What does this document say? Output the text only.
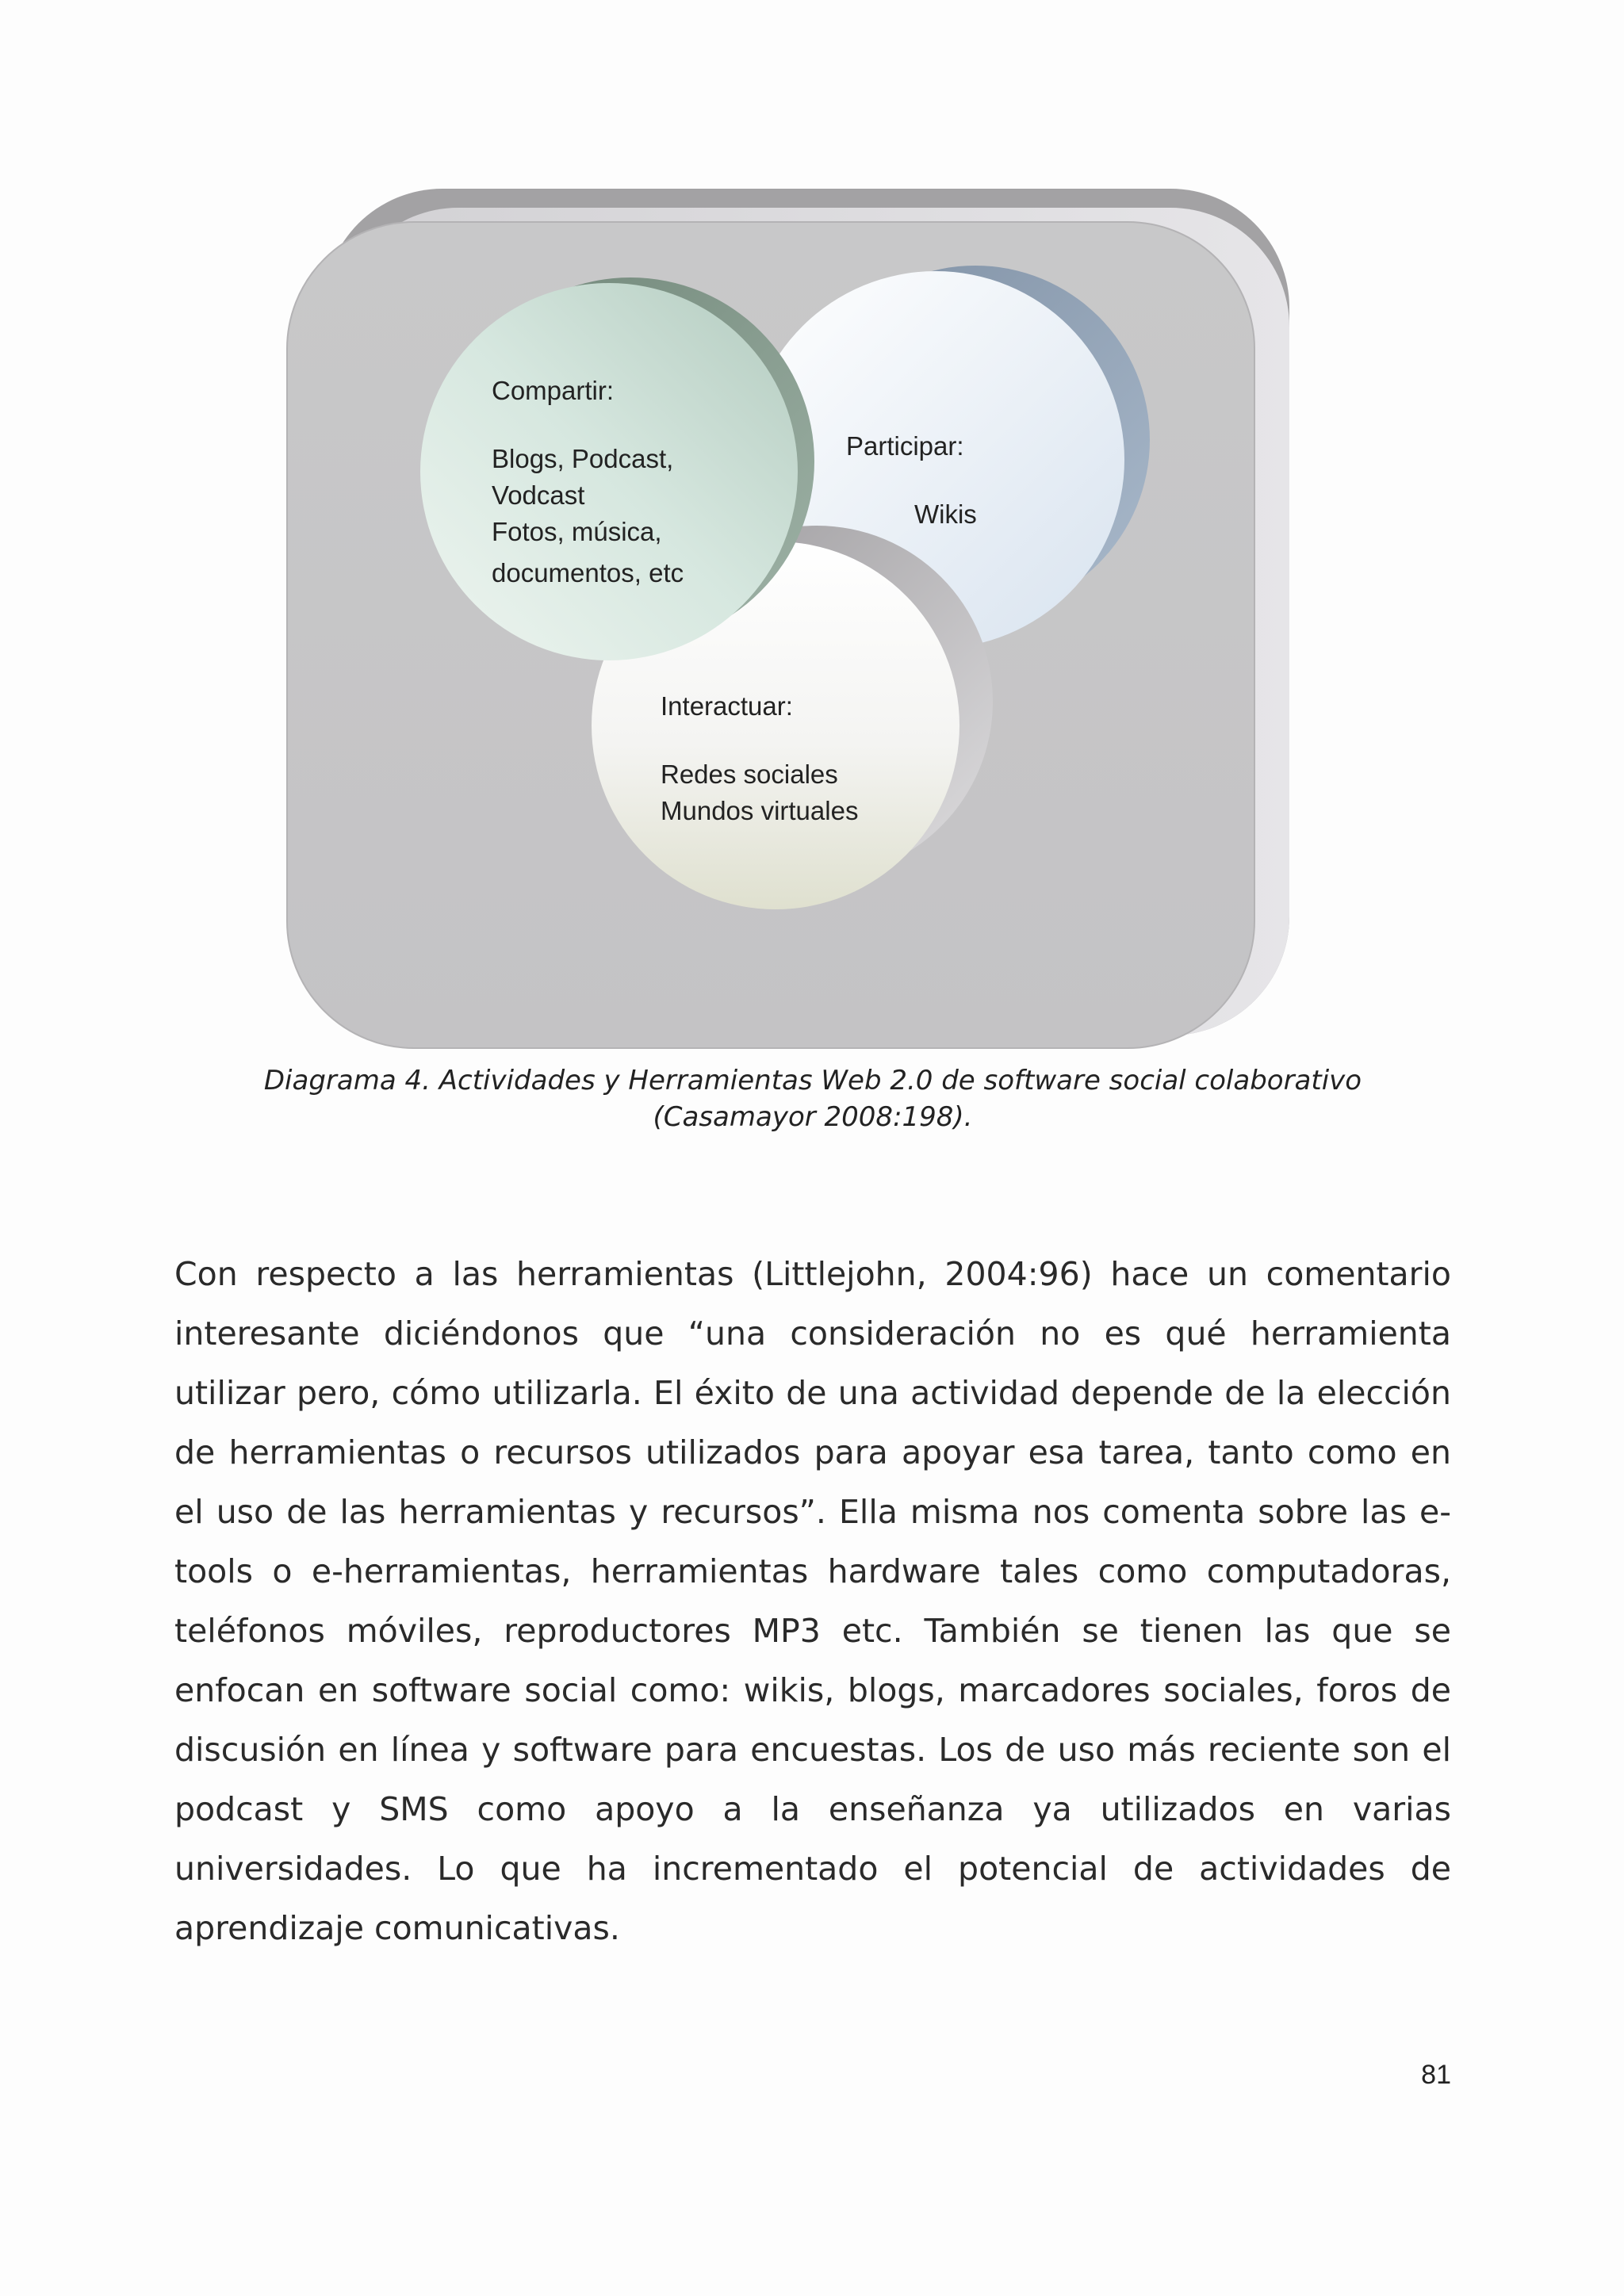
Compartir:
Blogs, Podcast,
Vodcast
Fotos, música,
documentos, etc
Participar:
Wikis
Interactuar:
Redes sociales
Mundos virtuales
Diagrama 4. Actividades y Herramientas Web 2.0 de software social colaborativo
(Casamayor 2008:198).
Con respecto a las herramientas (Littlejohn, 2004:96) hace un comentario
interesante diciéndonos que “una consideración no es qué herramienta
utilizar pero, cómo utilizarla. El éxito de una actividad depende de la elección
de herramientas o recursos utilizados para apoyar esa tarea, tanto como en
el uso de las herramientas y recursos”. Ella misma nos comenta sobre las e-
tools o e-herramientas, herramientas hardware tales como computadoras,
teléfonos móviles, reproductores MP3 etc. También se tienen las que se
enfocan en software social como: wikis, blogs, marcadores sociales, foros de
discusión en línea y software para encuestas. Los de uso más reciente son el
podcast y SMS como apoyo a la enseñanza ya utilizados en varias
universidades. Lo que ha incrementado el potencial de actividades de
aprendizaje comunicativas.
81
